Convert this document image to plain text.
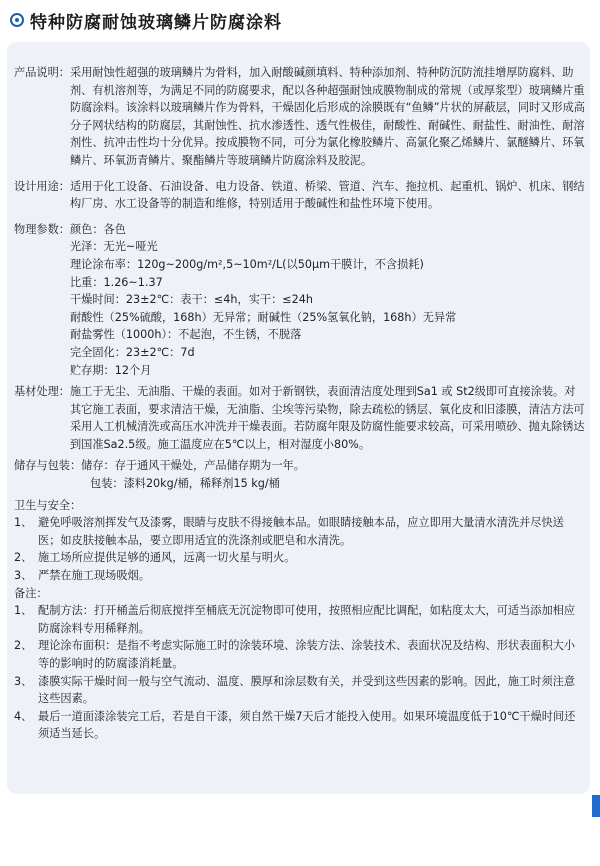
特种防腐耐蚀玻璃鳞片防腐涂料
产品说明： 采用耐蚀性超强的玻璃鳞片为骨料，加入耐酸碱颜填料、特种添加剂、特种防沉防流挂增厚防腐料、助剂、有机溶剂等，为满足不同的防腐要求，配以各种超强耐蚀成膜物制成的常规（或厚浆型）玻璃鳞片重防腐涂料。该涂料以玻璃鳞片作为骨料，干燥固化后形成的涂膜既有“鱼鳞”片状的屏蔽层，同时又形成高分子网状结构的防腐层，其耐蚀性、抗水渗透性、透气性极佳，耐酸性、耐碱性、耐盐性、耐油性、耐溶剂性、抗冲击性均十分优异。按成膜物不同，可分为氯化橡胶鳞片、高氯化聚乙烯鳞片、氯醚鳞片、环氧鳞片、环氧沥青鳞片、聚酯鳞片等玻璃鳞片防腐涂料及胶泥。
设计用途： 适用于化工设备、石油设备、电力设备、铁道、桥梁、管道、汽车、拖拉机、起重机、锅炉、机床、钢结构厂房、水工设备等的制造和维修，特别适用于酸碱性和盐性环境下使用。
物理参数： 颜色：各色
光泽：无光~哑光
理论涂布率：120g~200g/m²,5~10m²/L(以50μm干膜计，不含损耗)
比重：1.26~1.37
干燥时间：23±2℃：表干：≤4h，实干：≤24h
耐酸性（25%硫酸，168h）无异常；耐碱性（25%氢氧化钠，168h）无异常
耐盐雾性（1000h）：不起泡，不生锈，不脱落
完全固化：23±2℃：7d
贮存期：12个月
基材处理： 施工于无尘、无油脂、干燥的表面。如对于新钢铁，表面清洁度处理到Sa1 或 St2级即可直接涂装。对其它施工表面，要求清洁干燥，无油脂、尘埃等污染物，除去疏松的锈层、氧化皮和旧漆膜，清洁方法可采用人工机械清洗或高压水冲洗并干燥表面。若防腐年限及防腐性能要求较高，可采用喷砂、抛丸除锈达到国准Sa2.5级。施工温度应在5℃以上，相对湿度小80%。
储存与包装： 储存：存于通风干燥处，产品储存期为一年。
包装：漆料20kg/桶，稀释剂15 kg/桶
卫生与安全：
1、 避免呼吸溶剂挥发气及漆雾，眼睛与皮肤不得接触本品。如眼睛接触本品，应立即用大量清水清洗并尽快送医；如皮肤接触本品，要立即用适宜的洗涤剂或肥皂和水清洗。
2、 施工场所应提供足够的通风，远离一切火星与明火。
3、 严禁在施工现场吸烟。
备注：
1、 配制方法：打开桶盖后彻底搅拌至桶底无沉淀物即可使用，按照相应配比调配，如粘度太大，可适当添加相应防腐涂料专用稀释剂。
2、 理论涂布面积：是指不考虑实际施工时的涂装环境、涂装方法、涂装技术、表面状况及结构、形状表面积大小等的影响时的防腐漆消耗量。
3、 漆膜实际干燥时间一般与空气流动、温度、膜厚和涂层数有关，并受到这些因素的影响。因此，施工时须注意这些因素。
4、 最后一道面漆涂装完工后，若是自干漆，须自然干燥7天后才能投入使用。如果环境温度低于10℃干燥时间还须适当延长。
